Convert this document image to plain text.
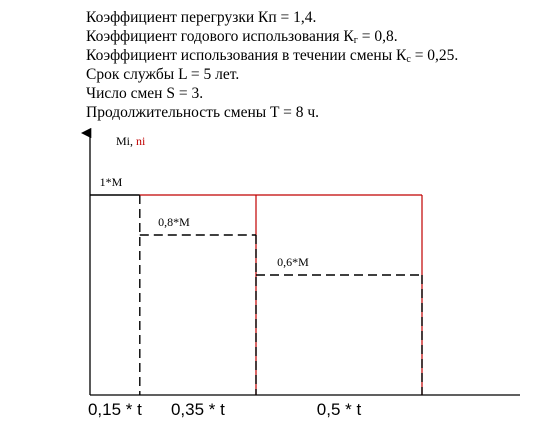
Коэффициент перегрузки Кп = 1,4.
Коэффициент годового использования $К_г = 0,8$.
Коэффициент использования в течении смены $К_с = 0,25$.
Срок службы L = 5 лет.
Число смен S = 3.
Продолжительность смены T = 8 ч.
Mi, ni
1*M
0,15 * t
0,8*M
0,35 * t
0,6*M
0,5 * t
